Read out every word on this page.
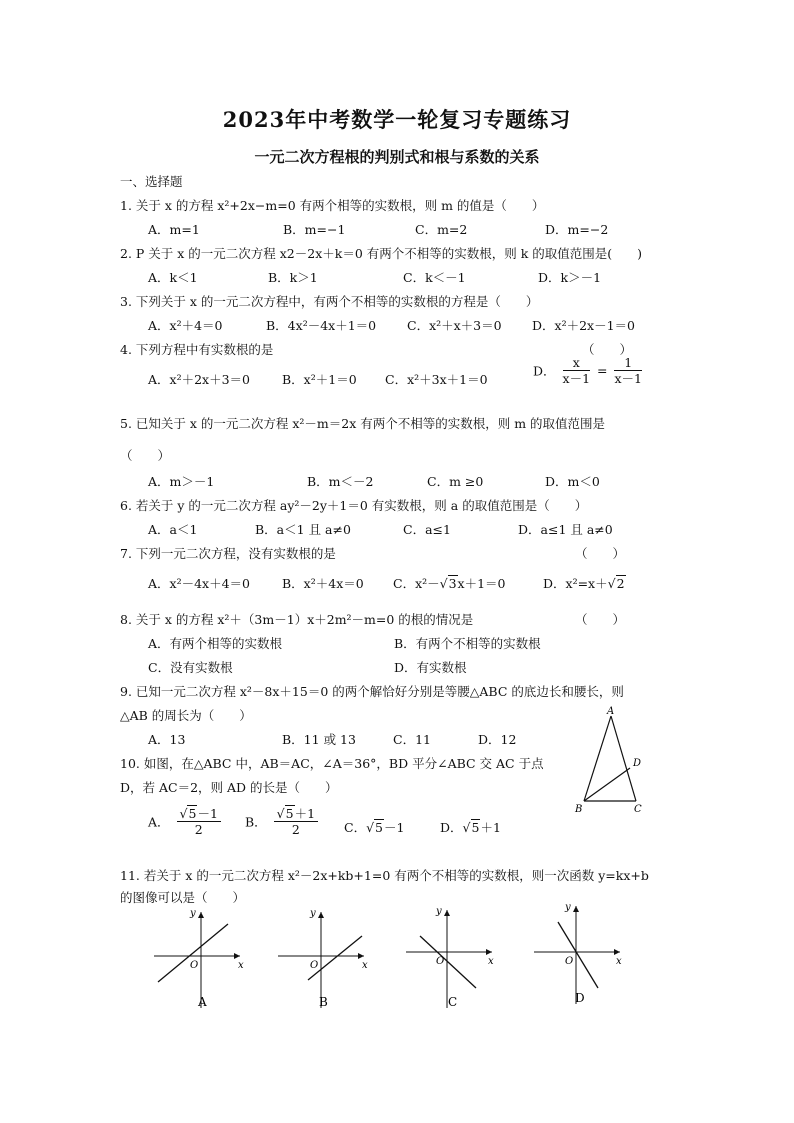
2023年中考数学一轮复习专题练习
一元二次方程根的判别式和根与系数的关系
一、选择题
1. 关于 x 的方程 x²+2x−m=0 有两个相等的实数根，则 m 的值是（　　）
A．m=1	B．m=−1	C．m=2	D．m=−2
2. P 关于 x 的一元二次方程 x2－2x＋k＝0 有两个不相等的实数根，则 k 的取值范围是(　　)
A．k＜1	B．k＞1	C．k＜－1	D．k＞－1
3. 下列关于 x 的一元二次方程中，有两个不相等的实数根的方程是（　　）
A．x²＋4＝0	B．4x²－4x＋1＝0 C．x²＋x＋3＝0 D．x²＋2x－1＝0
4. 下列方程中有实数根的是	（　　）
A．x²＋2x＋3＝0	B．x²＋1＝0 C．x²＋3x＋1＝0
D． $\frac{x}{x-1} = \frac{1}{x-1}$
5. 已知关于 x 的一元二次方程 x²－m＝2x 有两个不相等的实数根，则 m 的取值范围是
（　　）
A．m＞－1	B．m＜－2	C．m ≥0	D．m＜0
6. 若关于 y 的一元二次方程 ay²－2y＋1＝0 有实数根，则 a 的取值范围是（　　）
A．a＜1	B．a＜1 且 a≠0	C．a≤1	D．a≤1 且 a≠0
7. 下列一元二次方程，没有实数根的是	（　　）
A．x²－4x＋4＝0	B．x²＋4x＝0 C．x²－√3x＋1＝0	D．x²=x＋√2
8. 关于 x 的方程 x²＋（3m－1）x＋2m²－m=0 的根的情况是	（　　）
A．有两个相等的实数根	B．有两个不相等的实数根
C．没有实数根	D．有实数根
9. 已知一元二次方程 x²－8x＋15＝0 的两个解恰好分别是等腰△ABC 的底边长和腰长，则
△AB 的周长为（　　）
A．13	B．11 或 13	C．11	D．12
10. 如图，在△ABC 中，AB＝AC，∠A＝36°，BD 平分∠ABC 交 AC 于点
D，若 AC＝2，则 AD 的长是（　　）
A
B	C
D
A． $\frac{√5-1}{2}$ B． $\frac{√5+1}{2}$ C．√5－1	D．√5＋1
11. 若关于 x 的一元二次方程 x²－2x+kb+1=0 有两个不相等的实数根，则一次函数 y=kx+b
的图像可以是（　　）
O	x
y
A
O	x
y
B
O	x
y
C
O	x
y
D
